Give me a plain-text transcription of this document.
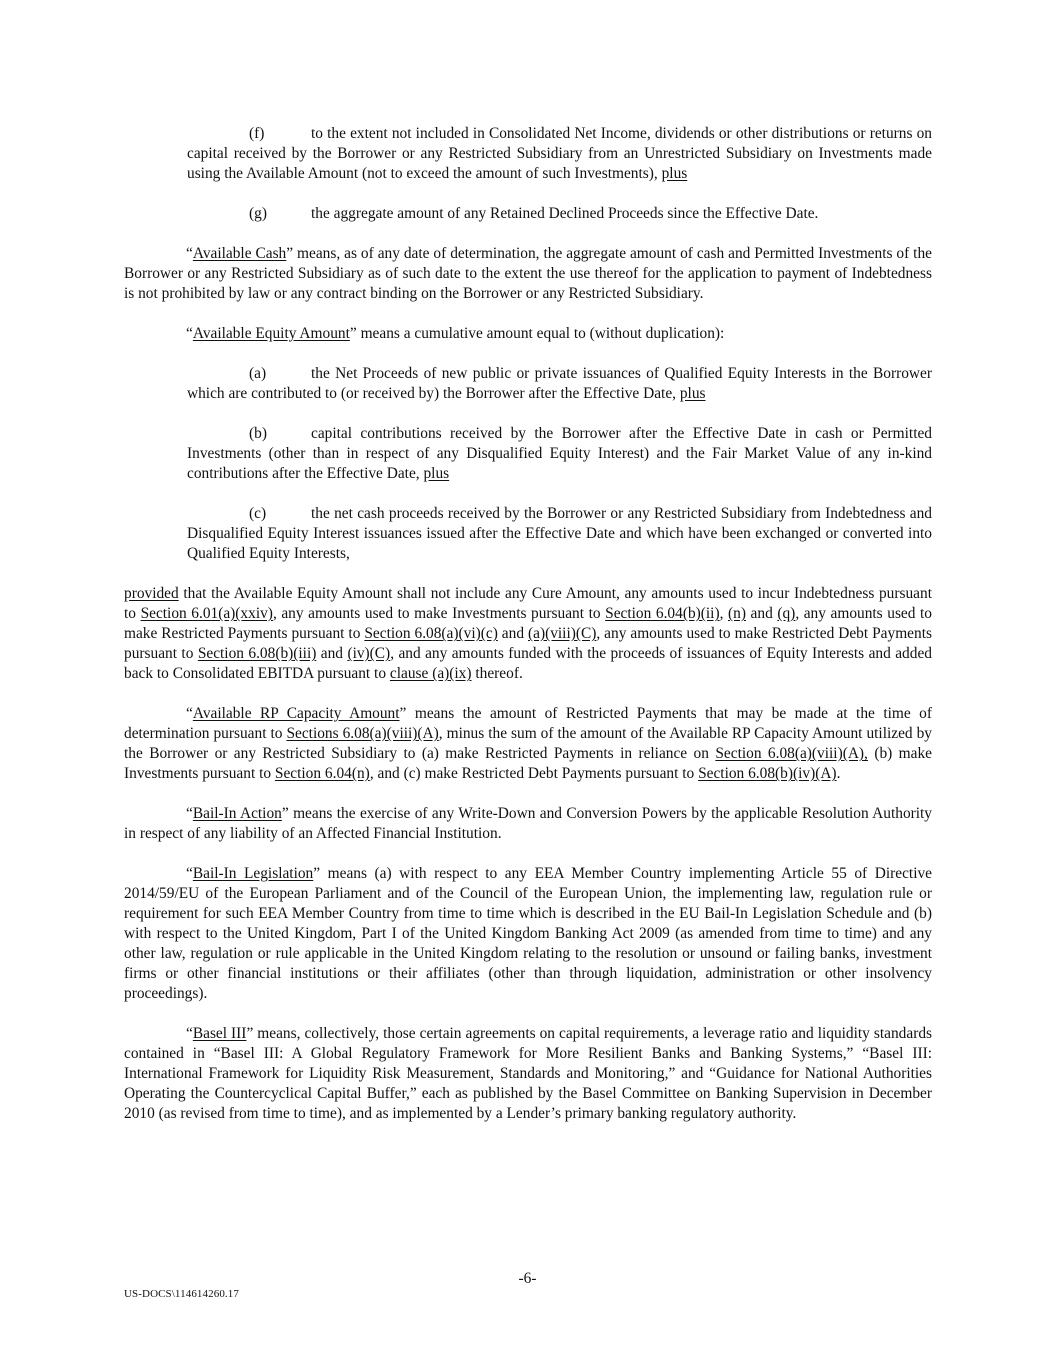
(f)	to the extent not included in Consolidated Net Income, dividends or other distributions or returns on capital received by the Borrower or any Restricted Subsidiary from an Unrestricted Subsidiary on Investments made using the Available Amount (not to exceed the amount of such Investments), plus

(g)	the aggregate amount of any Retained Declined Proceeds since the Effective Date.

“Available Cash” means, as of any date of determination, the aggregate amount of cash and Permitted Investments of the Borrower or any Restricted Subsidiary as of such date to the extent the use thereof for the application to payment of Indebtedness is not prohibited by law or any contract binding on the Borrower or any Restricted Subsidiary.

“Available Equity Amount” means a cumulative amount equal to (without duplication):

(a)	the Net Proceeds of new public or private issuances of Qualified Equity Interests in the Borrower which are contributed to (or received by) the Borrower after the Effective Date, plus

(b)	capital contributions received by the Borrower after the Effective Date in cash or Permitted Investments (other than in respect of any Disqualified Equity Interest) and the Fair Market Value of any in-kind contributions after the Effective Date, plus

(c)	the net cash proceeds received by the Borrower or any Restricted Subsidiary from Indebtedness and Disqualified Equity Interest issuances issued after the Effective Date and which have been exchanged or converted into Qualified Equity Interests,

provided that the Available Equity Amount shall not include any Cure Amount, any amounts used to incur Indebtedness pursuant to Section 6.01(a)(xxiv), any amounts used to make Investments pursuant to Section 6.04(b)(ii), (n) and (q), any amounts used to make Restricted Payments pursuant to Section 6.08(a)(vi)(c) and (a)(viii)(C), any amounts used to make Restricted Debt Payments pursuant to Section 6.08(b)(iii) and (iv)(C), and any amounts funded with the proceeds of issuances of Equity Interests and added back to Consolidated EBITDA pursuant to clause (a)(ix) thereof.

“Available RP Capacity Amount” means the amount of Restricted Payments that may be made at the time of determination pursuant to Sections 6.08(a)(viii)(A), minus the sum of the amount of the Available RP Capacity Amount utilized by the Borrower or any Restricted Subsidiary to (a) make Restricted Payments in reliance on Section 6.08(a)(viii)(A), (b) make Investments pursuant to Section 6.04(n), and (c) make Restricted Debt Payments pursuant to Section 6.08(b)(iv)(A).

“Bail-In Action” means the exercise of any Write-Down and Conversion Powers by the applicable Resolution Authority in respect of any liability of an Affected Financial Institution.

“Bail-In Legislation” means (a) with respect to any EEA Member Country implementing Article 55 of Directive 2014/59/EU of the European Parliament and of the Council of the European Union, the implementing law, regulation rule or requirement for such EEA Member Country from time to time which is described in the EU Bail-In Legislation Schedule and (b) with respect to the United Kingdom, Part I of the United Kingdom Banking Act 2009 (as amended from time to time) and any other law, regulation or rule applicable in the United Kingdom relating to the resolution or unsound or failing banks, investment firms or other financial institutions or their affiliates (other than through liquidation, administration or other insolvency proceedings).

“Basel III” means, collectively, those certain agreements on capital requirements, a leverage ratio and liquidity standards contained in “Basel III: A Global Regulatory Framework for More Resilient Banks and Banking Systems,” “Basel III: International Framework for Liquidity Risk Measurement, Standards and Monitoring,” and “Guidance for National Authorities Operating the Countercyclical Capital Buffer,” each as published by the Basel Committee on Banking Supervision in December 2010 (as revised from time to time), and as implemented by a Lender’s primary banking regulatory authority.

-6-
US-DOCS\114614260.17
